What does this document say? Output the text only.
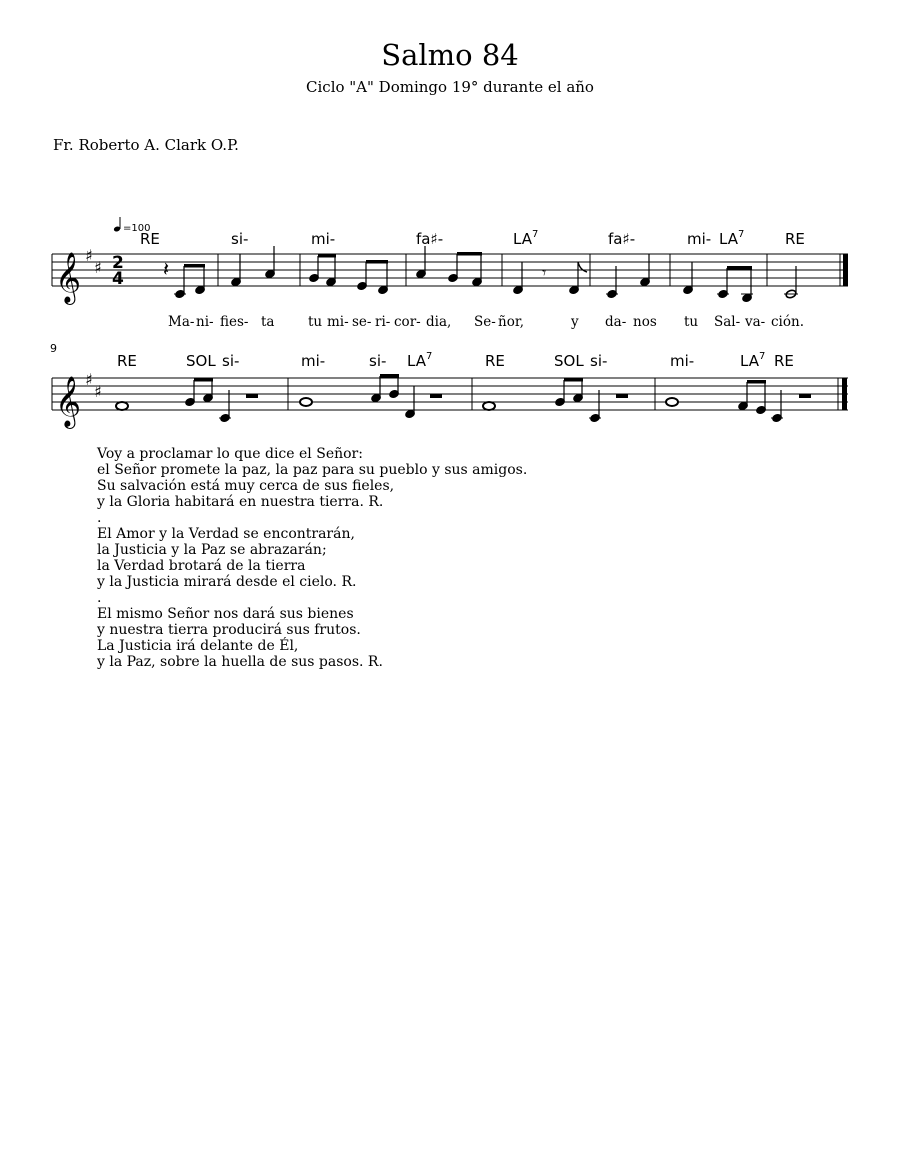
Salmo 84
Ciclo "A" Domingo 19° durante el año
Fr. Roberto A. Clark O.P.
𝄞 ♯
♯ 2
4
=100
𝄽	𝄾
RE	si-	mi-	fa♯-	$LA^7$	fa♯-	mi- $LA^7$	RE
Ma- ni- fies- ta tu mi- se- ri- cor- dia, Se- ñor,	y da- nos tu Sal- va- ción.
9
𝄞 ♯
♯
RE	SOL si-	mi-	si- $LA^7$	RE	SOL si-	mi-	$LA^7$ RE
Voy a proclamar lo que dice el Señor:
el Señor promete la paz, la paz para su pueblo y sus amigos.
Su salvación está muy cerca de sus fieles,
y la Gloria habitará en nuestra tierra. R.
.
El Amor y la Verdad se encontrarán,
la Justicia y la Paz se abrazarán;
la Verdad brotará de la tierra
y la Justicia mirará desde el cielo. R.
.
El mismo Señor nos dará sus bienes
y nuestra tierra producirá sus frutos.
La Justicia irá delante de Él,
y la Paz, sobre la huella de sus pasos. R.
